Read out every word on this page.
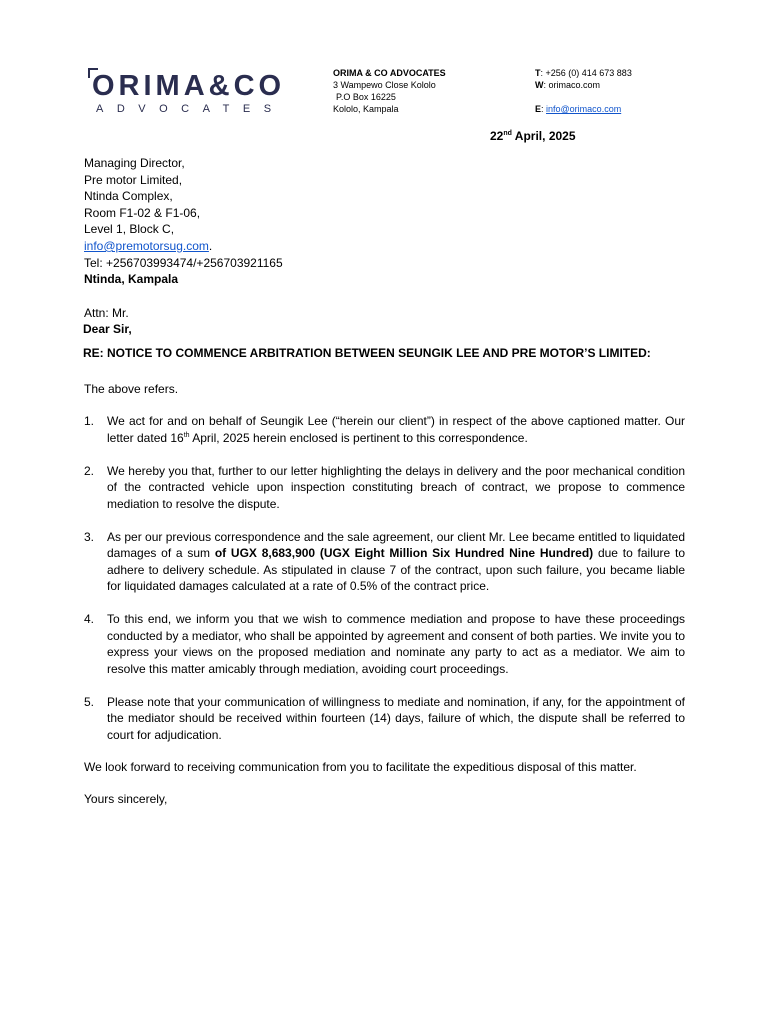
ORIMA&CO
ADVOCATES
ORIMA & CO ADVOCATES
3 Wampewo Close Kololo
P.O Box 16225
Kololo, Kampala
T: +256 (0) 414 673 883
W: orimaco.com
E: info@orimaco.com
22nd April, 2025
Managing Director,
Pre motor Limited,
Ntinda Complex,
Room F1-02 & F1-06,
Level 1, Block C,
info@premotorsug.com.
Tel: +256703993474/+256703921165
Ntinda, Kampala
Attn: Mr.
Dear Sir,
RE: NOTICE TO COMMENCE ARBITRATION BETWEEN SEUNGIK LEE AND PRE MOTOR’S LIMITED:
The above refers.
1. We act for and on behalf of Seungik Lee (“herein our client”) in respect of the above captioned matter. Our letter dated 16th April, 2025 herein enclosed is pertinent to this correspondence.
2. We hereby you that, further to our letter highlighting the delays in delivery and the poor mechanical condition of the contracted vehicle upon inspection constituting breach of contract, we propose to commence mediation to resolve the dispute.
3. As per our previous correspondence and the sale agreement, our client Mr. Lee became entitled to liquidated damages of a sum of UGX 8,683,900 (UGX Eight Million Six Hundred Nine Hundred) due to failure to adhere to delivery schedule. As stipulated in clause 7 of the contract, upon such failure, you became liable for liquidated damages calculated at a rate of 0.5% of the contract price.
4. To this end, we inform you that we wish to commence mediation and propose to have these proceedings conducted by a mediator, who shall be appointed by agreement and consent of both parties. We invite you to express your views on the proposed mediation and nominate any party to act as a mediator. We aim to resolve this matter amicably through mediation, avoiding court proceedings.
5. Please note that your communication of willingness to mediate and nomination, if any, for the appointment of the mediator should be received within fourteen (14) days, failure of which, the dispute shall be referred to court for adjudication.
We look forward to receiving communication from you to facilitate the expeditious disposal of this matter.
Yours sincerely,
